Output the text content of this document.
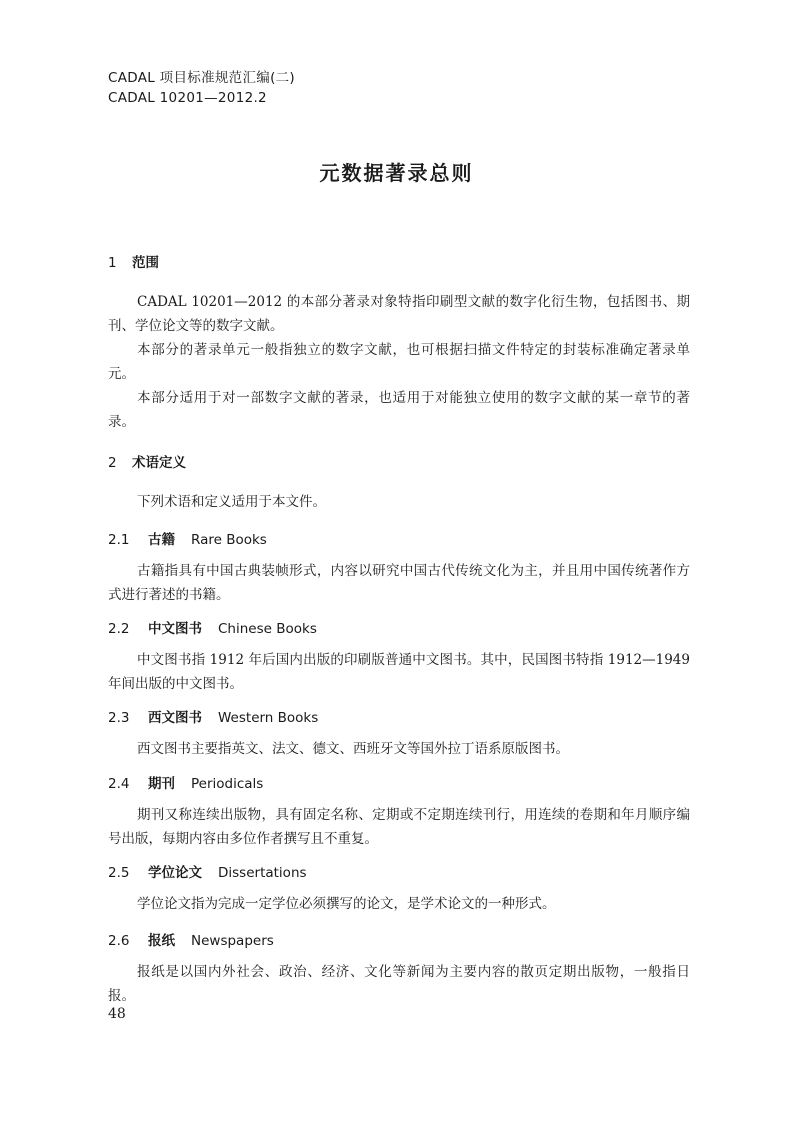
CADAL 项目标准规范汇编(二)
CADAL 10201—2012.2
元数据著录总则
1 范围
CADAL 10201—2012 的本部分著录对象特指印刷型文献的数字化衍生物，包括图书、期刊、学位论文等的数字文献。
本部分的著录单元一般指独立的数字文献，也可根据扫描文件特定的封装标准确定著录单元。
本部分适用于对一部数字文献的著录，也适用于对能独立使用的数字文献的某一章节的著录。
2 术语定义
下列术语和定义适用于本文件。
2.1 古籍 Rare Books
古籍指具有中国古典装帧形式，内容以研究中国古代传统文化为主，并且用中国传统著作方式进行著述的书籍。
2.2 中文图书 Chinese Books
中文图书指 1912 年后国内出版的印刷版普通中文图书。其中，民国图书特指 1912—1949 年间出版的中文图书。
2.3 西文图书 Western Books
西文图书主要指英文、法文、德文、西班牙文等国外拉丁语系原版图书。
2.4 期刊 Periodicals
期刊又称连续出版物，具有固定名称、定期或不定期连续刊行，用连续的卷期和年月顺序编号出版，每期内容由多位作者撰写且不重复。
2.5 学位论文 Dissertations
学位论文指为完成一定学位必须撰写的论文，是学术论文的一种形式。
2.6 报纸 Newspapers
报纸是以国内外社会、政治、经济、文化等新闻为主要内容的散页定期出版物，一般指日报。
48
